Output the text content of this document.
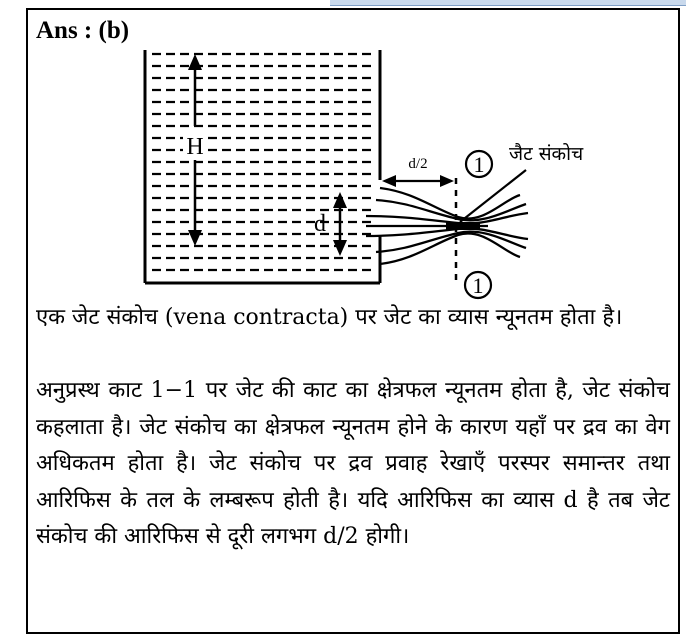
Ans : (b)
H
d
1
1
d/2	जैट संकोच
एक जेट संकोच (vena contracta) पर जेट का व्यास न्यूनतम होता है।
अनुप्रस्थ काट 1−1 पर जेट की काट का क्षेत्रफल न्यूनतम होता है, जेट संकोच कहलाता है। जेट संकोच का क्षेत्रफल न्यूनतम होने के कारण यहाँ पर द्रव का वेग अधिकतम होता है। जेट संकोच पर द्रव प्रवाह रेखाएँ परस्पर समान्तर तथा आरिफिस के तल के लम्बरूप होती है। यदि आरिफिस का व्यास d है तब जेट संकोच की आरिफिस से दूरी लगभग d/2 होगी।
